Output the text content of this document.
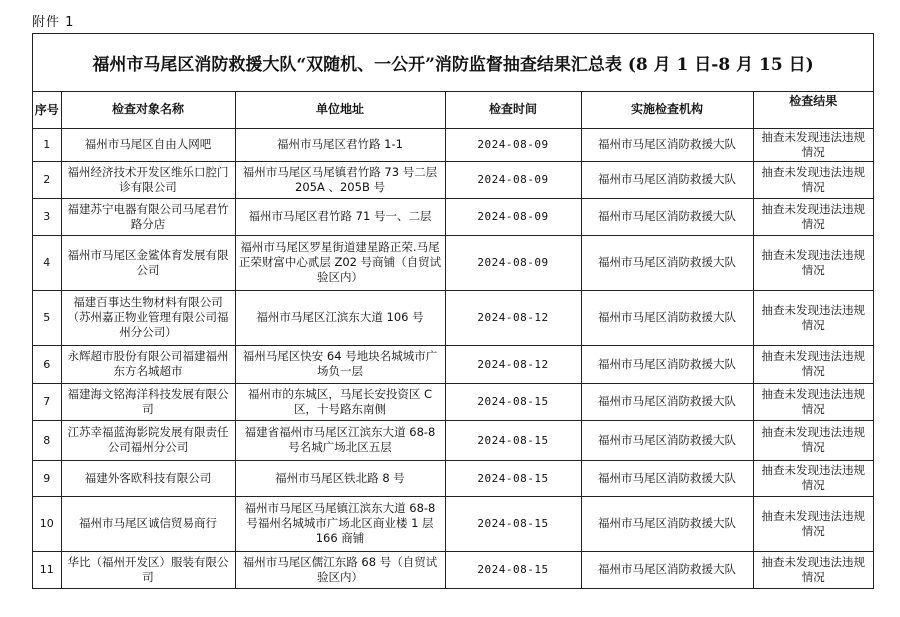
附件 1
福州市马尾区消防救援大队“双随机、一公开”消防监督抽查结果汇总表 (8 月 1 日-8 月 15 日)
序号	检查对象名称	单位地址	检查时间	实施检查机构	检查结果
1	福州市马尾区自由人网吧	福州市马尾区君竹路 1-1	2024-08-09	福州市马尾区消防救援大队	抽查未发现违法违规情况
2	福州经济技术开发区维乐口腔门诊有限公司	福州市马尾区马尾镇君竹路 73 号二层 205A 、205B 号	2024-08-09	福州市马尾区消防救援大队	抽查未发现违法违规情况
3	福建苏宁电器有限公司马尾君竹路分店	福州市马尾区君竹路 71 号一、二层	2024-08-09	福州市马尾区消防救援大队	抽查未发现违法违规情况
4	福州市马尾区金鲨体育发展有限公司	福州市马尾区罗星街道建星路正荣.马尾正荣财富中心贰层 Z02 号商铺（自贸试验区内）	2024-08-09	福州市马尾区消防救援大队	抽查未发现违法违规情况
5	福建百事达生物材料有限公司（苏州嘉正物业管理有限公司福州分公司）	福州市马尾区江滨东大道 106 号	2024-08-12	福州市马尾区消防救援大队	抽查未发现违法违规情况
6	永辉超市股份有限公司福建福州东方名城超市	福州马尾区快安 64 号地块名城城市广场负一层	2024-08-12	福州市马尾区消防救援大队	抽查未发现违法违规情况
7	福建海文铭海洋科技发展有限公司	福州市的东城区，马尾长安投资区 C 区，十号路东南侧	2024-08-15	福州市马尾区消防救援大队	抽查未发现违法违规情况
8	江苏幸福蓝海影院发展有限责任公司福州分公司	福建省福州市马尾区江滨东大道 68-8 号名城广场北区五层	2024-08-15	福州市马尾区消防救援大队	抽查未发现违法违规情况
9	福建外客欧科技有限公司	福州市马尾区铁北路 8 号	2024-08-15	福州市马尾区消防救援大队	抽查未发现违法违规情况
10	福州市马尾区诚信贸易商行	福州市马尾区马尾镇江滨东大道 68-8 号福州名城城市广场北区商业楼 1 层 166 商铺	2024-08-15	福州市马尾区消防救援大队	抽查未发现违法违规情况
11	华比（福州开发区）服装有限公司	福州市马尾区儒江东路 68 号（自贸试验区内）	2024-08-15	福州市马尾区消防救援大队	抽查未发现违法违规情况
